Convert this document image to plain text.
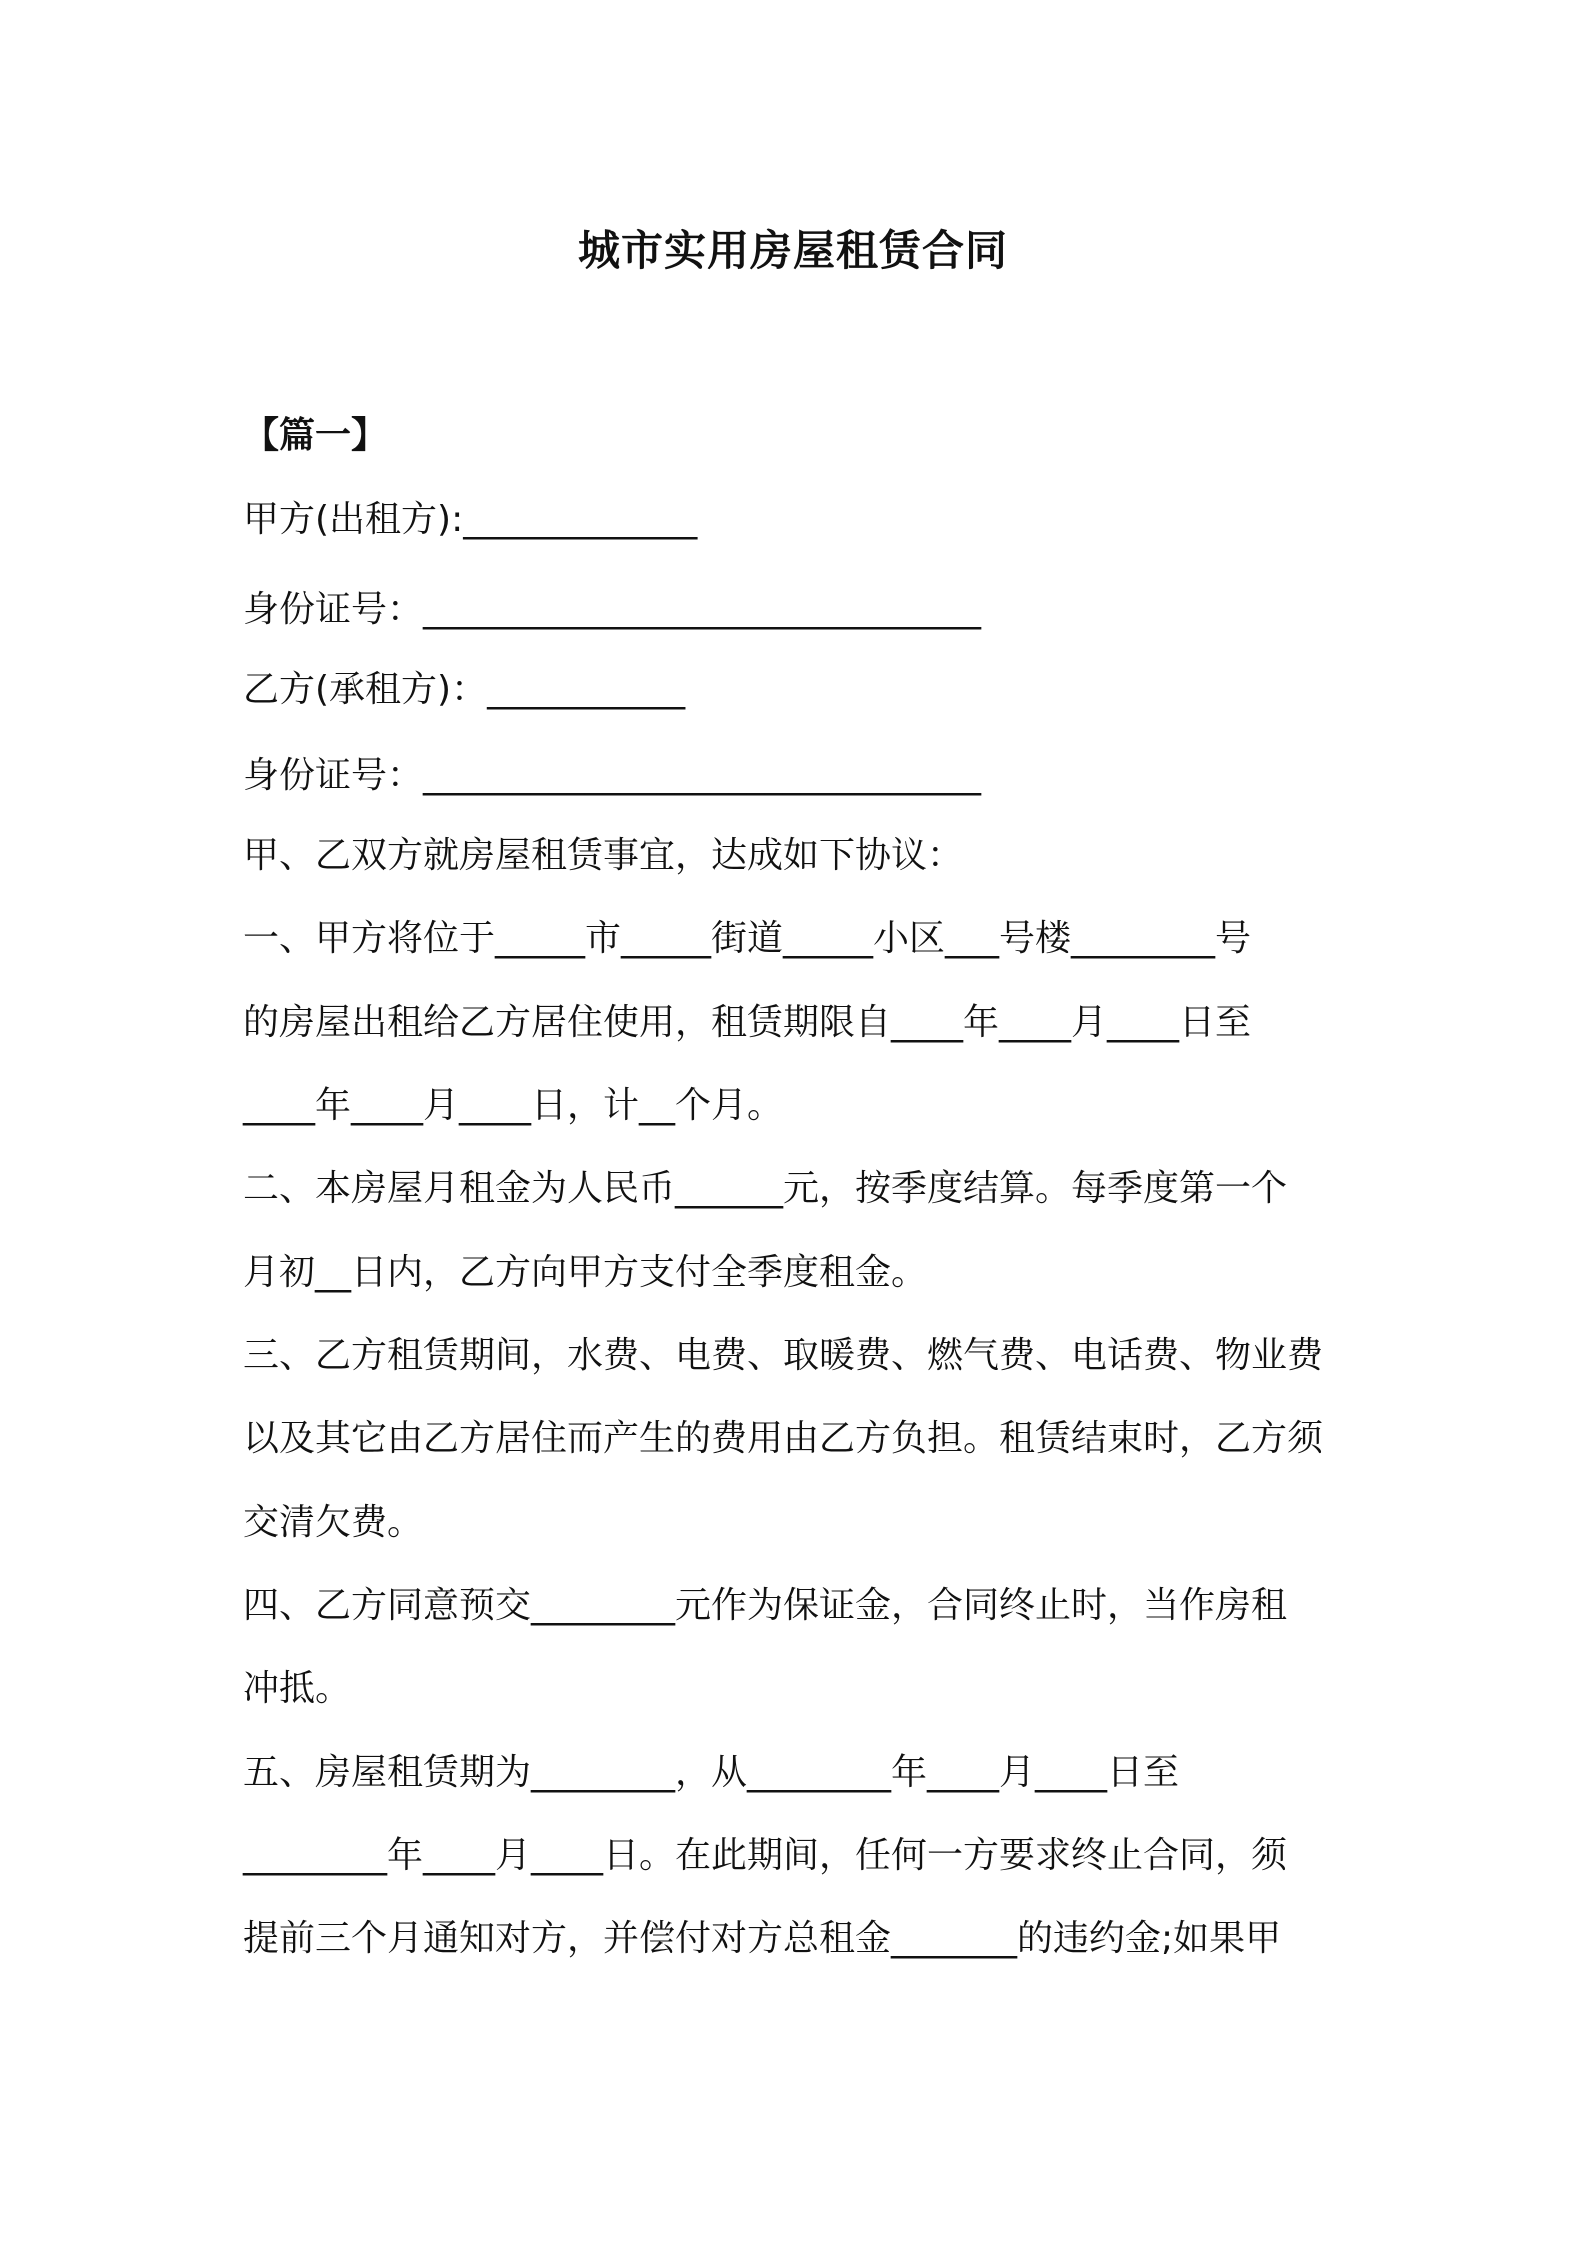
城市实用房屋租赁合同
【篇一】
甲方(出租方):_____________
身份证号：_______________________________
乙方(承租方)：___________
身份证号：_______________________________
甲、乙双方就房屋租赁事宜，达成如下协议：
一、甲方将位于_____市_____街道_____小区___号楼________号
的房屋出租给乙方居住使用，租赁期限自____年____月____日至
____年____月____日，计__个月。
二、本房屋月租金为人民币______元，按季度结算。每季度第一个
月初__日内，乙方向甲方支付全季度租金。
三、乙方租赁期间，水费、电费、取暖费、燃气费、电话费、物业费
以及其它由乙方居住而产生的费用由乙方负担。租赁结束时，乙方须
交清欠费。
四、乙方同意预交________元作为保证金，合同终止时，当作房租
冲抵。
五、房屋租赁期为________，从________年____月____日至
________年____月____日。在此期间，任何一方要求终止合同，须
提前三个月通知对方，并偿付对方总租金_______的违约金;如果甲
